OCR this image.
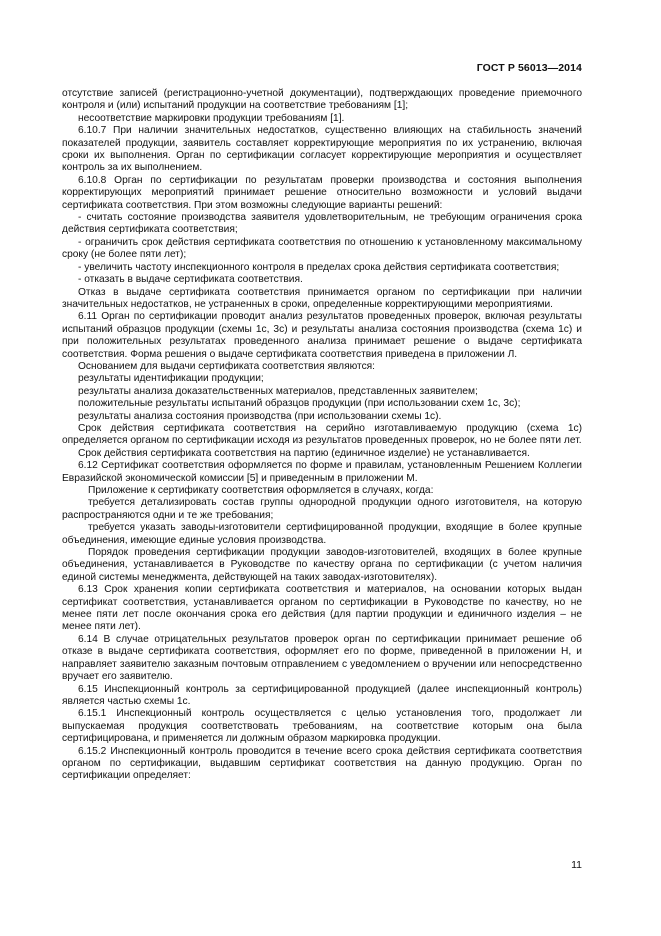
ГОСТ Р 56013—2014

отсутствие записей (регистрационно-учетной документации), подтверждающих проведение приемочного контроля и (или) испытаний продукции на соответствие требованиям [1];

несоответствие маркировки продукции требованиям [1].

6.10.7 При наличии значительных недостатков, существенно влияющих на стабильность значений показателей продукции, заявитель составляет корректирующие мероприятия по их устранению, включая сроки их выполнения. Орган по сертификации согласует корректирующие мероприятия и осуществляет контроль за их выполнением.

6.10.8 Орган по сертификации по результатам проверки производства и состояния выполнения корректирующих мероприятий принимает решение относительно возможности и условий выдачи сертификата соответствия. При этом возможны следующие варианты решений:

- считать состояние производства заявителя удовлетворительным, не требующим ограничения срока действия сертификата соответствия;

- ограничить срок действия сертификата соответствия по отношению к установленному максимальному сроку (не более пяти лет);

- увеличить частоту инспекционного контроля в пределах срока действия сертификата соответствия;

- отказать в выдаче сертификата соответствия.

Отказ в выдаче сертификата соответствия принимается органом по сертификации при наличии значительных недостатков, не устраненных в сроки, определенные корректирующими мероприятиями.

6.11 Орган по сертификации проводит анализ результатов проведенных проверок, включая результаты испытаний образцов продукции (схемы 1с, 3с) и результаты анализа состояния производства (схема 1с) и при положительных результатах проведенного анализа принимает решение о выдаче сертификата соответствия. Форма решения о выдаче сертификата соответствия приведена в приложении Л.

Основанием для выдачи сертификата соответствия являются:

результаты идентификации продукции;

результаты анализа доказательственных материалов, представленных заявителем;

положительные результаты испытаний образцов продукции (при использовании схем 1с, 3с);

результаты анализа состояния производства (при использовании схемы 1с).

Срок действия сертификата соответствия на серийно изготавливаемую продукцию (схема 1с) определяется органом по сертификации исходя из результатов проведенных проверок, но не более пяти лет.

Срок действия сертификата соответствия на партию (единичное изделие) не устанавливается.

6.12 Сертификат соответствия оформляется по форме и правилам, установленным Решением Коллегии Евразийской экономической комиссии [5] и приведенным в приложении М.

Приложение к сертификату соответствия оформляется в случаях, когда:

требуется детализировать состав группы однородной продукции одного изготовителя, на которую распространяются одни и те же требования;

требуется указать заводы-изготовители сертифицированной продукции, входящие в более крупные объединения, имеющие единые условия производства.

Порядок проведения сертификации продукции заводов-изготовителей, входящих в более крупные объединения, устанавливается в Руководстве по качеству органа по сертификации (с учетом наличия единой системы менеджмента, действующей на таких заводах-изготовителях).

6.13 Срок хранения копии сертификата соответствия и материалов, на основании которых выдан сертификат соответствия, устанавливается органом по сертификации в Руководстве по качеству, но не менее пяти лет после окончания срока его действия (для партии продукции и единичного изделия – не менее пяти лет).

6.14 В случае отрицательных результатов проверок орган по сертификации принимает решение об отказе в выдаче сертификата соответствия, оформляет его по форме, приведенной в приложении Н, и направляет заявителю заказным почтовым отправлением с уведомлением о вручении или непосредственно вручает его заявителю.

6.15 Инспекционный контроль за сертифицированной продукцией (далее инспекционный контроль) является частью схемы 1с.

6.15.1 Инспекционный контроль осуществляется с целью установления того, продолжает ли выпускаемая продукция соответствовать требованиям, на соответствие которым она была сертифицирована, и применяется ли должным образом маркировка продукции.

6.15.2 Инспекционный контроль проводится в течение всего срока действия сертификата соответствия органом по сертификации, выдавшим сертификат соответствия на данную продукцию. Орган по сертификации определяет:

11
